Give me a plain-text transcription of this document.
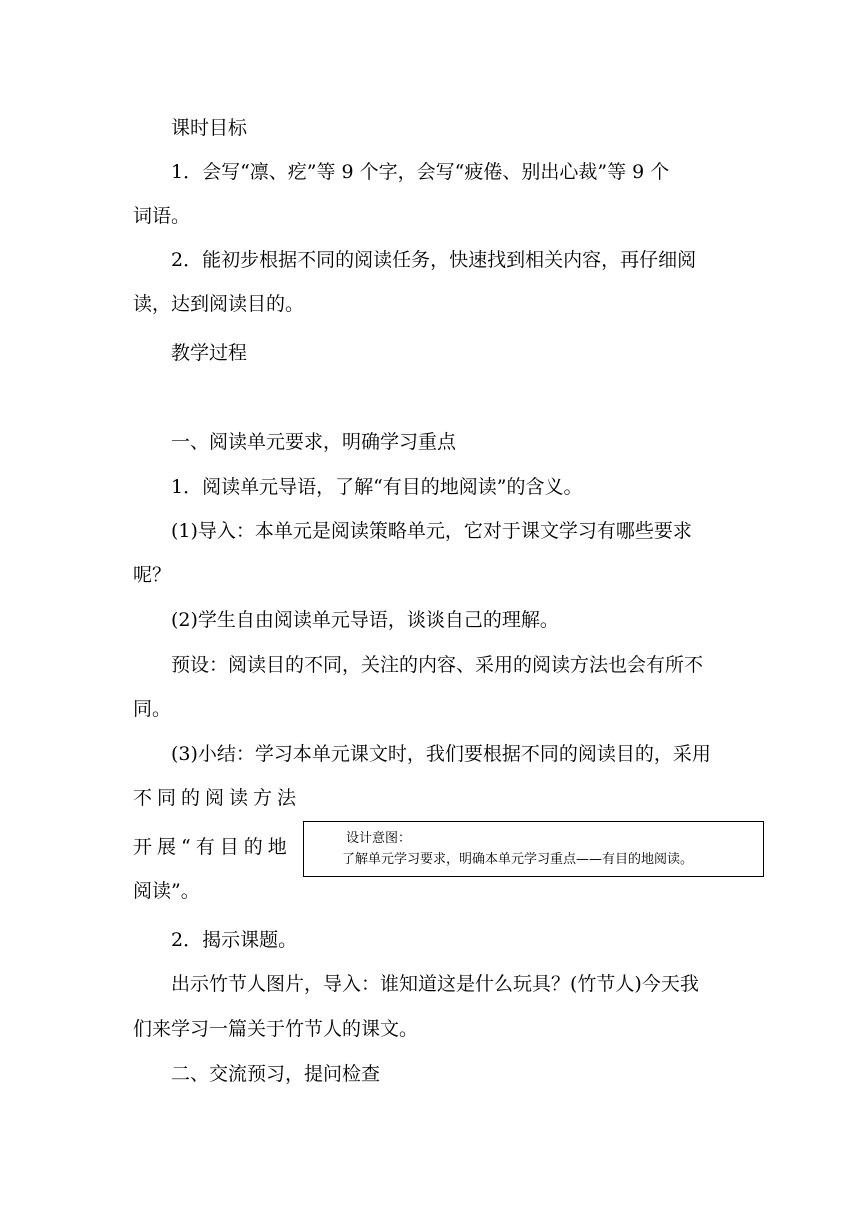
课时目标
1．会写“凛、疙”等 9 个字，会写“疲倦、别出心裁”等 9 个
词语。
2．能初步根据不同的阅读任务，快速找到相关内容，再仔细阅
读，达到阅读目的。
教学过程
一、阅读单元要求，明确学习重点
1．阅读单元导语，了解“有目的地阅读”的含义。
(1)导入：本单元是阅读策略单元，它对于课文学习有哪些要求
呢？
(2)学生自由阅读单元导语，谈谈自己的理解。
预设：阅读目的不同，关注的内容、采用的阅读方法也会有所不
同。
(3)小结：学习本单元课文时，我们要根据不同的阅读目的，采用
不同的阅读方法
开展“有目的地
阅读”。
设计意图：
了解单元学习要求，明确本单元学习重点——有目的地阅读。
2．揭示课题。
出示竹节人图片，导入：谁知道这是什么玩具？(竹节人)今天我
们来学习一篇关于竹节人的课文。
二、交流预习，提问检查
